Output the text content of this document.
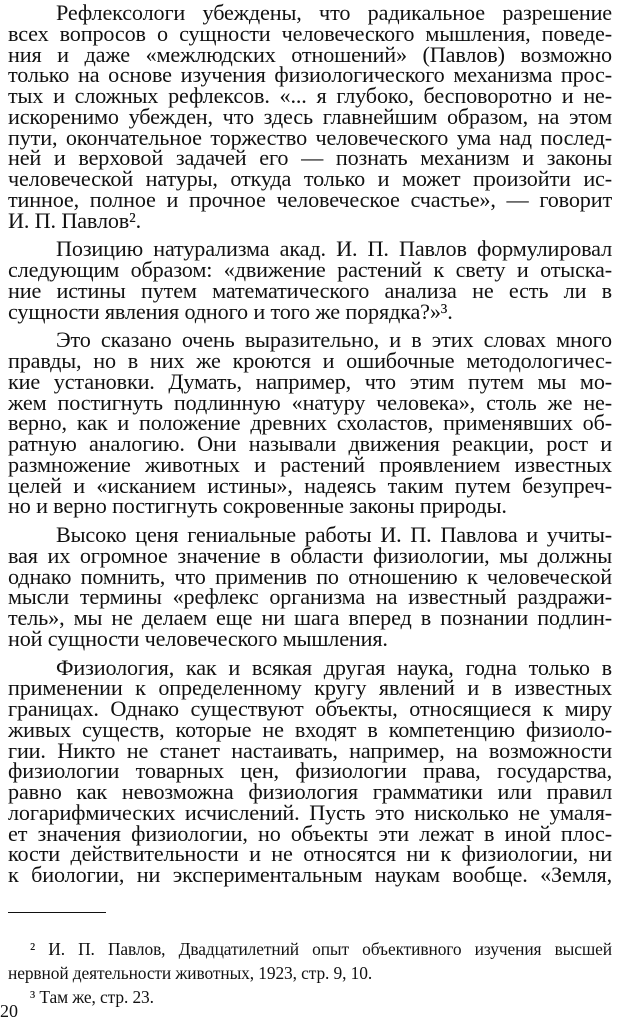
Рефлексологи убеждены, что радикальное разрешение
всех вопросов о сущности человеческого мышления, поведе-
ния и даже «межлюдских отношений» (Павлов) возможно
только на основе изучения физиологического механизма прос-
тых и сложных рефлексов. «... я глубоко, бесповоротно и не-
искоренимо убежден, что здесь главнейшим образом, на этом
пути, окончательное торжество человеческого ума над послед-
ней и верховой задачей его — познать механизм и законы
человеческой натуры, откуда только и может произойти ис-
тинное, полное и прочное человеческое счастье», — говорит
И. П. Павлов².
Позицию натурализма акад. И. П. Павлов формулировал
следующим образом: «движение растений к свету и отыска-
ние истины путем математического анализа не есть ли в
сущности явления одного и того же порядка?»³.
Это сказано очень выразительно, и в этих словах много
правды, но в них же кроются и ошибочные методологичес-
кие установки. Думать, например, что этим путем мы мо-
жем постигнуть подлинную «натуру человека», столь же не-
верно, как и положение древних схоластов, применявших об-
ратную аналогию. Они называли движения реакции, рост и
размножение животных и растений проявлением известных
целей и «исканием истины», надеясь таким путем безупреч-
но и верно постигнуть сокровенные законы природы.
Высоко ценя гениальные работы И. П. Павлова и учиты-
вая их огромное значение в области физиологии, мы должны
однако помнить, что применив по отношению к человеческой
мысли термины «рефлекс организма на известный раздражи-
тель», мы не делаем еще ни шага вперед в познании подлин-
ной сущности человеческого мышления.
Физиология, как и всякая другая наука, годна только в
применении к определенному кругу явлений и в известных
границах. Однако существуют объекты, относящиеся к миру
живых существ, которые не входят в компетенцию физиоло-
гии. Никто не станет настаивать, например, на возможности
физиологии товарных цен, физиологии права, государства,
равно как невозможна физиология грамматики или правил
логарифмических исчислений. Пусть это нисколько не умаля-
ет значения физиологии, но объекты эти лежат в иной плос-
кости действительности и не относятся ни к физиологии, ни
к биологии, ни экспериментальным наукам вообще. «Земля,
² И. П. Павлов, Двадцатилетний опыт объективного изучения высшей
нервной деятельности животных, 1923, стр. 9, 10.
³ Там же, стр. 23.
20
